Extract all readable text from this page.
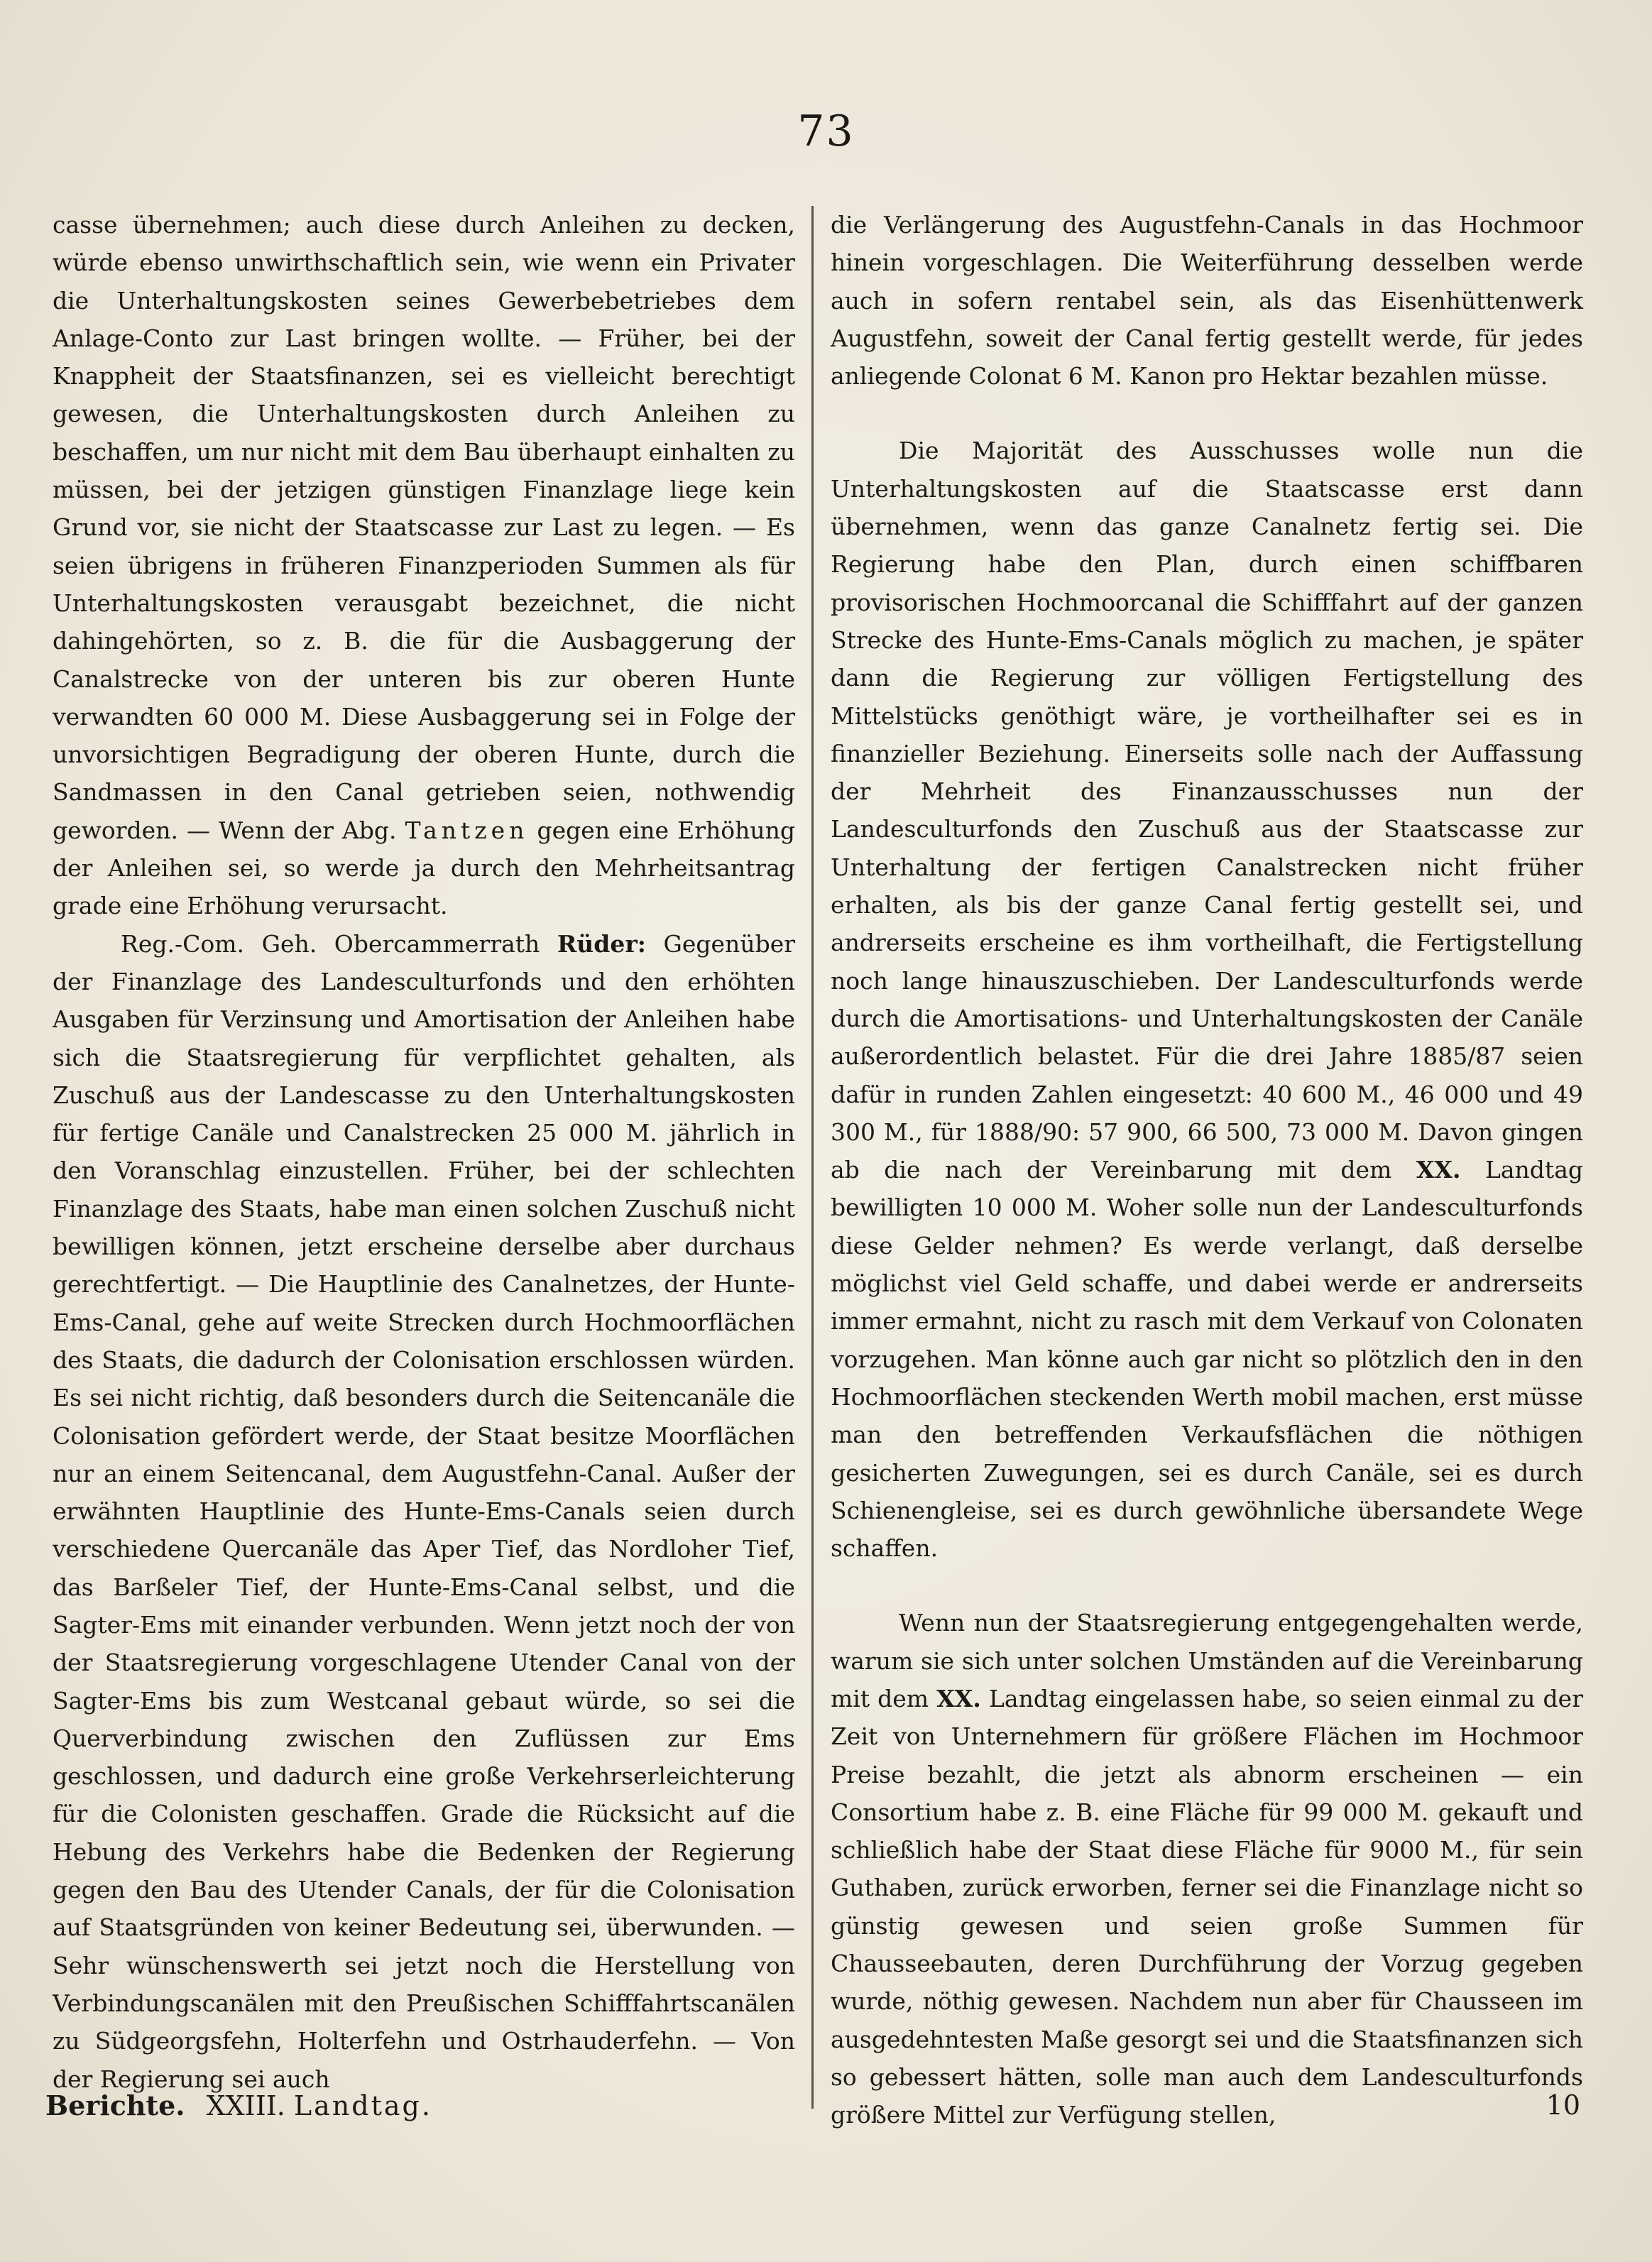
73

casse übernehmen; auch diese durch Anleihen zu decken, würde ebenso unwirthschaftlich sein, wie wenn ein Privater die Unterhaltungskosten seines Gewerbebetriebes dem Anlage-Conto zur Last bringen wollte. — Früher, bei der Knappheit der Staatsfinanzen, sei es vielleicht berechtigt gewesen, die Unterhaltungskosten durch Anleihen zu beschaffen, um nur nicht mit dem Bau überhaupt einhalten zu müssen, bei der jetzigen günstigen Finanzlage liege kein Grund vor, sie nicht der Staatscasse zur Last zu legen. — Es seien übrigens in früheren Finanzperioden Summen als für Unterhaltungskosten verausgabt bezeichnet, die nicht dahingehörten, so z. B. die für die Ausbaggerung der Canalstrecke von der unteren bis zur oberen Hunte verwandten 60 000 M. Diese Ausbaggerung sei in Folge der unvorsichtigen Begradigung der oberen Hunte, durch die Sandmassen in den Canal getrieben seien, nothwendig geworden. — Wenn der Abg. Tantzen gegen eine Erhöhung der Anleihen sei, so werde ja durch den Mehrheitsantrag grade eine Erhöhung verursacht.

Reg.-Com. Geh. Obercammerrath Rüder: Gegenüber der Finanzlage des Landesculturfonds und den erhöhten Ausgaben für Verzinsung und Amortisation der Anleihen habe sich die Staatsregierung für verpflichtet gehalten, als Zuschuß aus der Landescasse zu den Unterhaltungskosten für fertige Canäle und Canalstrecken 25 000 M. jährlich in den Voranschlag einzustellen. Früher, bei der schlechten Finanzlage des Staats, habe man einen solchen Zuschuß nicht bewilligen können, jetzt erscheine derselbe aber durchaus gerechtfertigt. — Die Hauptlinie des Canalnetzes, der Hunte-Ems-Canal, gehe auf weite Strecken durch Hochmoorflächen des Staats, die dadurch der Colonisation erschlossen würden. Es sei nicht richtig, daß besonders durch die Seitencanäle die Colonisation gefördert werde, der Staat besitze Moorflächen nur an einem Seitencanal, dem Augustfehn-Canal. Außer der erwähnten Hauptlinie des Hunte-Ems-Canals seien durch verschiedene Quercanäle das Aper Tief, das Nordloher Tief, das Barßeler Tief, der Hunte-Ems-Canal selbst, und die Sagter-Ems mit einander verbunden. Wenn jetzt noch der von der Staatsregierung vorgeschlagene Utender Canal von der Sagter-Ems bis zum Westcanal gebaut würde, so sei die Querverbindung zwischen den Zuflüssen zur Ems geschlossen, und dadurch eine große Verkehrserleichterung für die Colonisten geschaffen. Grade die Rücksicht auf die Hebung des Verkehrs habe die Bedenken der Regierung gegen den Bau des Utender Canals, der für die Colonisation auf Staatsgründen von keiner Bedeutung sei, überwunden. — Sehr wünschenswerth sei jetzt noch die Herstellung von Verbindungscanälen mit den Preußischen Schifffahrtscanälen zu Südgeorgsfehn, Holterfehn und Ostrhauderfehn. — Von der Regierung sei auch

die Verlängerung des Augustfehn-Canals in das Hochmoor hinein vorgeschlagen. Die Weiterführung desselben werde auch in sofern rentabel sein, als das Eisenhüttenwerk Augustfehn, soweit der Canal fertig gestellt werde, für jedes anliegende Colonat 6 M. Kanon pro Hektar bezahlen müsse.

Die Majorität des Ausschusses wolle nun die Unterhaltungskosten auf die Staatscasse erst dann übernehmen, wenn das ganze Canalnetz fertig sei. Die Regierung habe den Plan, durch einen schiffbaren provisorischen Hochmoorcanal die Schifffahrt auf der ganzen Strecke des Hunte-Ems-Canals möglich zu machen, je später dann die Regierung zur völligen Fertigstellung des Mittelstücks genöthigt wäre, je vortheilhafter sei es in finanzieller Beziehung. Einerseits solle nach der Auffassung der Mehrheit des Finanzausschusses nun der Landesculturfonds den Zuschuß aus der Staatscasse zur Unterhaltung der fertigen Canalstrecken nicht früher erhalten, als bis der ganze Canal fertig gestellt sei, und andrerseits erscheine es ihm vortheilhaft, die Fertigstellung noch lange hinauszuschieben. Der Landesculturfonds werde durch die Amortisations- und Unterhaltungskosten der Canäle außerordentlich belastet. Für die drei Jahre 1885/87 seien dafür in runden Zahlen eingesetzt: 40 600 M., 46 000 und 49 300 M., für 1888/90: 57 900, 66 500, 73 000 M. Davon gingen ab die nach der Vereinbarung mit dem XX. Landtag bewilligten 10 000 M. Woher solle nun der Landesculturfonds diese Gelder nehmen? Es werde verlangt, daß derselbe möglichst viel Geld schaffe, und dabei werde er andrerseits immer ermahnt, nicht zu rasch mit dem Verkauf von Colonaten vorzugehen. Man könne auch gar nicht so plötzlich den in den Hochmoorflächen steckenden Werth mobil machen, erst müsse man den betreffenden Verkaufsflächen die nöthigen gesicherten Zuwegungen, sei es durch Canäle, sei es durch Schienengleise, sei es durch gewöhnliche übersandete Wege schaffen.

Wenn nun der Staatsregierung entgegengehalten werde, warum sie sich unter solchen Umständen auf die Vereinbarung mit dem XX. Landtag eingelassen habe, so seien einmal zu der Zeit von Unternehmern für größere Flächen im Hochmoor Preise bezahlt, die jetzt als abnorm erscheinen — ein Consortium habe z. B. eine Fläche für 99 000 M. gekauft und schließlich habe der Staat diese Fläche für 9000 M., für sein Guthaben, zurück erworben, ferner sei die Finanzlage nicht so günstig gewesen und seien große Summen für Chausseebauten, deren Durchführung der Vorzug gegeben wurde, nöthig gewesen. Nachdem nun aber für Chausseen im ausgedehntesten Maße gesorgt sei und die Staatsfinanzen sich so gebessert hätten, solle man auch dem Landesculturfonds größere Mittel zur Verfügung stellen,

Berichte. XXIII. Landtag.	10
